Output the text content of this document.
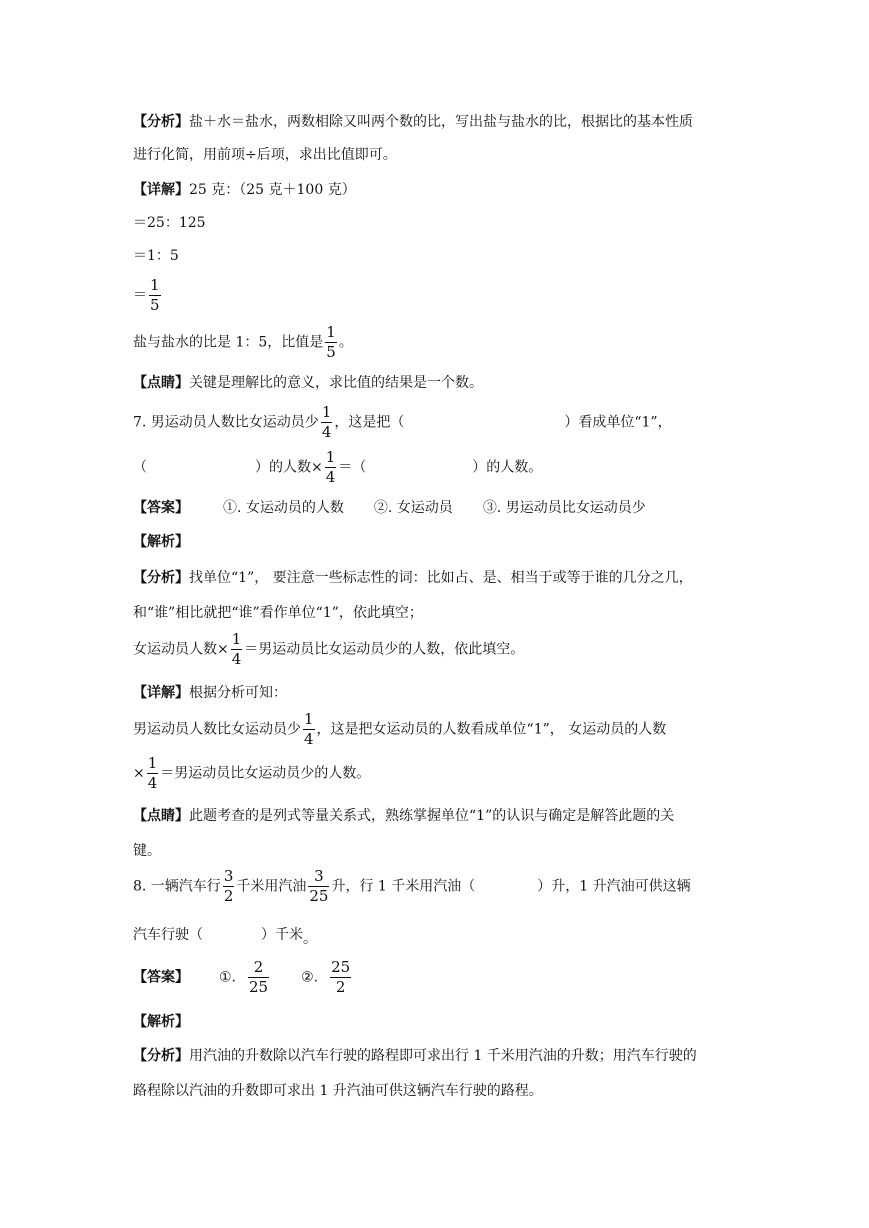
【分析】盐＋水＝盐水，两数相除又叫两个数的比，写出盐与盐水的比，根据比的基本性质
进行化简，用前项÷后项，求出比值即可。
【详解】25 克：（25 克＋100 克）
＝25：125
＝1：5
＝ $\frac{1}{5}$
盐与盐水的比是 1：5，比值是 $\frac{1}{5}$ 。
【点睛】关键是理解比的意义，求比值的结果是一个数。
7. 男运动员人数比女运动员少 $\frac{1}{4}$ ，这是把（	）看成单位“1”，
（	）的人数× $\frac{1}{4}$ ＝（	）的人数。
【答案】 ①. 女运动员的人数 ②. 女运动员 ③. 男运动员比女运动员少
【解析】
【分析】找单位“1”， 要注意一些标志性的词：比如占、是、相当于或等于谁的几分之几，
和“谁”相比就把“谁”看作单位“1”，依此填空；
女运动员人数× $\frac{1}{4}$ ＝男运动员比女运动员少的人数，依此填空。
【详解】根据分析可知：
男运动员人数比女运动员少 $\frac{1}{4}$ ，这是把女运动员的人数看成单位“1”， 女运动员的人数
× $\frac{1}{4}$ ＝男运动员比女运动员少的人数。
【点睛】此题考查的是列式等量关系式，熟练掌握单位“1”的认识与确定是解答此题的关
键。
8. 一辆汽车行 $\frac{3}{2}$ 千米用汽油 $\frac{3}{25}$ 升，行 1 千米用汽油（	）升，1 升汽油可供这辆
汽车行驶（	）千米。
【答案】 ①. $\frac{2}{25}$ ②. $\frac{25}{2}$
【解析】
【分析】用汽油的升数除以汽车行驶的路程即可求出行 1 千米用汽油的升数；用汽车行驶的
路程除以汽油的升数即可求出 1 升汽油可供这辆汽车行驶的路程。
